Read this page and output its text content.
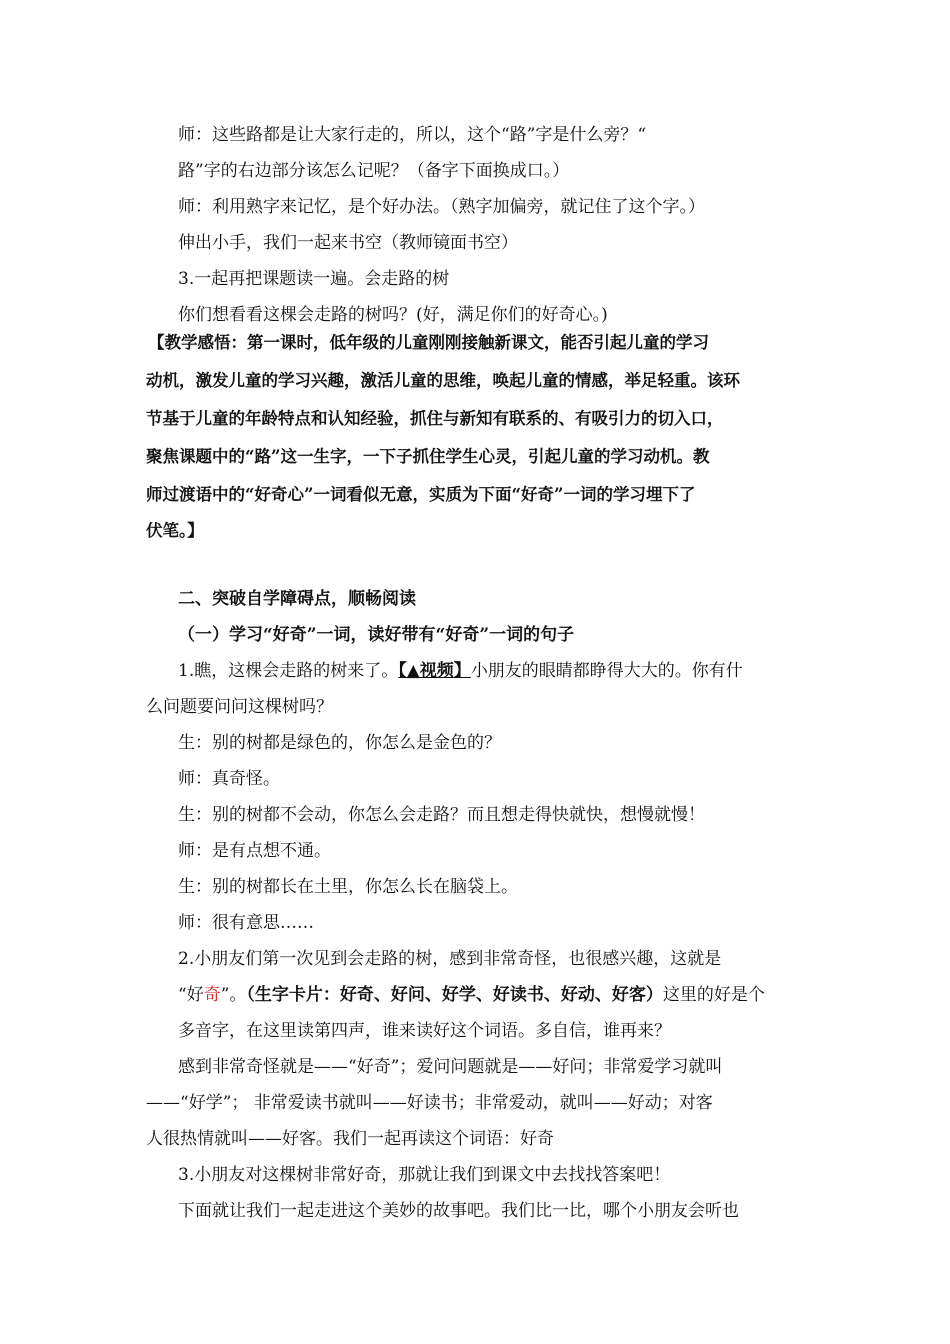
师：这些路都是让大家行走的，所以，这个“路”字是什么旁？“
路”字的右边部分该怎么记呢？（备字下面换成口。）
师：利用熟字来记忆，是个好办法。（熟字加偏旁，就记住了这个字。）
伸出小手，我们一起来书空（教师镜面书空）
3.一起再把课题读一遍。会走路的树
你们想看看这棵会走路的树吗？(好，满足你们的好奇心。)
【教学感悟：第一课时，低年级的儿童刚刚接触新课文，能否引起儿童的学习
动机，激发儿童的学习兴趣，激活儿童的思维，唤起儿童的情感，举足轻重。该环
节基于儿童的年龄特点和认知经验，抓住与新知有联系的、有吸引力的切入口，
聚焦课题中的“路”这一生字，一下子抓住学生心灵，引起儿童的学习动机。教
师过渡语中的“好奇心”一词看似无意，实质为下面“好奇”一词的学习埋下了
伏笔。】
二、突破自学障碍点，顺畅阅读
（一）学习“好奇”一词，读好带有“好奇”一词的句子
1.瞧，这棵会走路的树来了。【▲视频】小朋友的眼睛都睁得大大的。你有什
么问题要问问这棵树吗？
生：别的树都是绿色的，你怎么是金色的？
师：真奇怪。
生：别的树都不会动，你怎么会走路？而且想走得快就快，想慢就慢！
师：是有点想不通。
生：别的树都长在土里，你怎么长在脑袋上。
师：很有意思……
2.小朋友们第一次见到会走路的树，感到非常奇怪，也很感兴趣，这就是
“好奇”。（生字卡片：好奇、好问、好学、好读书、好动、好客）这里的好是个
多音字，在这里读第四声，谁来读好这个词语。多自信，谁再来？
感到非常奇怪就是——“好奇”；爱问问题就是——好问；非常爱学习就叫
——“好学”； 非常爱读书就叫——好读书；非常爱动，就叫——好动；对客
人很热情就叫——好客。我们一起再读这个词语：好奇
3.小朋友对这棵树非常好奇，那就让我们到课文中去找找答案吧！
下面就让我们一起走进这个美妙的故事吧。我们比一比，哪个小朋友会听也
